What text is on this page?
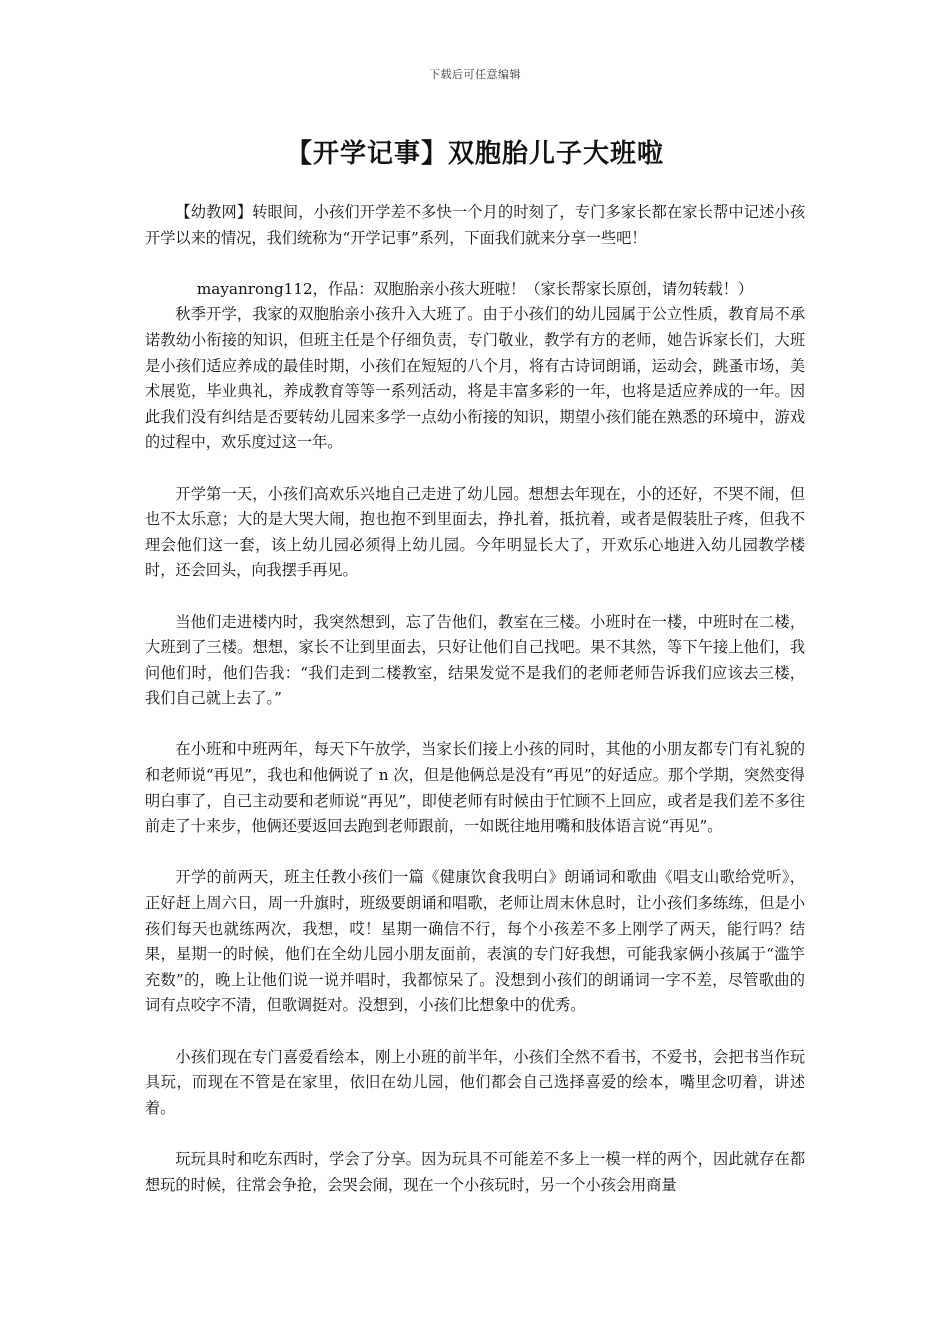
下载后可任意编辑
【开学记事】双胞胎儿子大班啦

【幼教网】转眼间，小孩们开学差不多快一个月的时刻了，专门多家长都在家长帮中记述小孩开学以来的情况，我们统称为“开学记事”系列，下面我们就来分享一些吧！

mayanrong112，作品：双胞胎亲小孩大班啦！（家长帮家长原创，请勿转载！）

秋季开学，我家的双胞胎亲小孩升入大班了。由于小孩们的幼儿园属于公立性质，教育局不承诺教幼小衔接的知识，但班主任是个仔细负责，专门敬业，教学有方的老师，她告诉家长们，大班是小孩们适应养成的最佳时期，小孩们在短短的八个月，将有古诗词朗诵，运动会，跳蚤市场，美术展览，毕业典礼，养成教育等等一系列活动，将是丰富多彩的一年，也将是适应养成的一年。因此我们没有纠结是否要转幼儿园来多学一点幼小衔接的知识，期望小孩们能在熟悉的环境中，游戏的过程中，欢乐度过这一年。

开学第一天，小孩们高欢乐兴地自己走进了幼儿园。想想去年现在，小的还好，不哭不闹，但也不太乐意；大的是大哭大闹，抱也抱不到里面去，挣扎着，抵抗着，或者是假装肚子疼，但我不理会他们这一套，该上幼儿园必须得上幼儿园。今年明显长大了，开欢乐心地进入幼儿园教学楼时，还会回头，向我摆手再见。

当他们走进楼内时，我突然想到，忘了告他们，教室在三楼。小班时在一楼，中班时在二楼，大班到了三楼。想想，家长不让到里面去，只好让他们自己找吧。果不其然，等下午接上他们，我问他们时，他们告我：“我们走到二楼教室，结果发觉不是我们的老师老师告诉我们应该去三楼，我们自己就上去了。”

在小班和中班两年，每天下午放学，当家长们接上小孩的同时，其他的小朋友都专门有礼貌的和老师说“再见”，我也和他俩说了 n 次，但是他俩总是没有“再见”的好适应。那个学期，突然变得明白事了，自己主动要和老师说“再见”，即使老师有时候由于忙顾不上回应，或者是我们差不多往前走了十来步，他俩还要返回去跑到老师跟前，一如既往地用嘴和肢体语言说“再见”。

开学的前两天，班主任教小孩们一篇《健康饮食我明白》朗诵词和歌曲《唱支山歌给党听》，正好赶上周六日，周一升旗时，班级要朗诵和唱歌，老师让周末休息时，让小孩们多练练，但是小孩们每天也就练两次，我想，哎！星期一确信不行，每个小孩差不多上刚学了两天，能行吗？结果，星期一的时候，他们在全幼儿园小朋友面前，表演的专门好我想，可能我家俩小孩属于“滥竽充数”的，晚上让他们说一说并唱时，我都惊呆了。没想到小孩们的朗诵词一字不差，尽管歌曲的词有点咬字不清，但歌调挺对。没想到，小孩们比想象中的优秀。

小孩们现在专门喜爱看绘本，刚上小班的前半年，小孩们全然不看书，不爱书，会把书当作玩具玩，而现在不管是在家里，依旧在幼儿园，他们都会自己选择喜爱的绘本，嘴里念叨着，讲述着。

玩玩具时和吃东西时，学会了分享。因为玩具不可能差不多上一模一样的两个，因此就存在都想玩的时候，往常会争抢，会哭会闹，现在一个小孩玩时，另一个小孩会用商量
